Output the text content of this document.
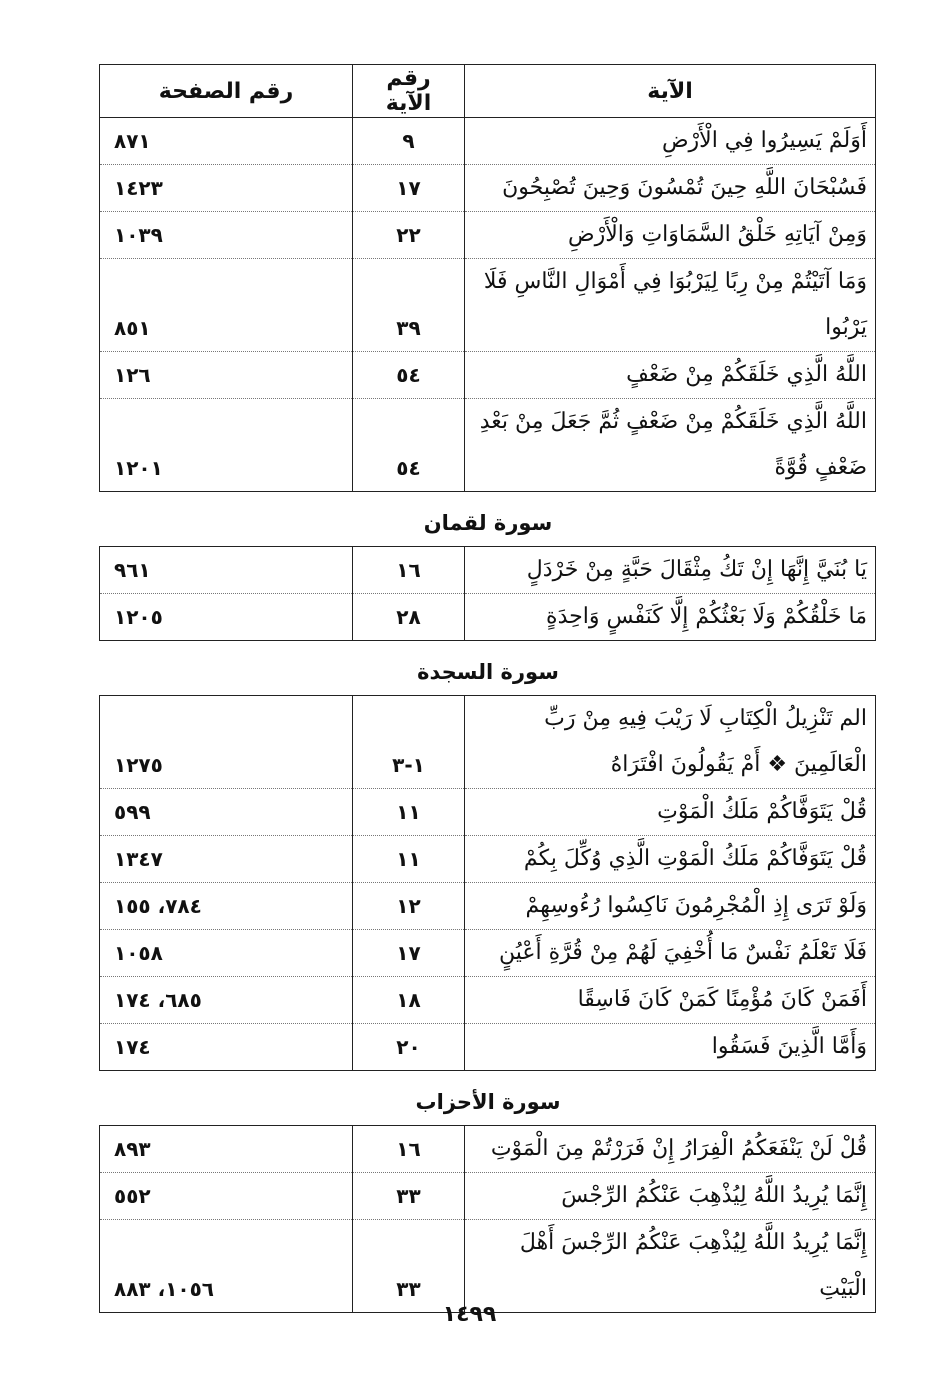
الآية	رقم الآية	رقم الصفحة
أَوَلَمْ يَسِيرُوا فِي الْأَرْضِ	٩	٨٧١
فَسُبْحَانَ اللَّهِ حِينَ تُمْسُونَ وَحِينَ تُصْبِحُونَ	١٧	١٤٢٣
وَمِنْ آيَاتِهِ خَلْقُ السَّمَاوَاتِ وَالْأَرْضِ	٢٢	١٠٣٩
وَمَا آتَيْتُمْ مِنْ رِبًا لِيَرْبُوَا فِي أَمْوَالِ النَّاسِ فَلَا يَرْبُوا	٣٩	٨٥١
اللَّهُ الَّذِي خَلَقَكُمْ مِنْ ضَعْفٍ	٥٤	١٢٦
اللَّهُ الَّذِي خَلَقَكُمْ مِنْ ضَعْفٍ ثُمَّ جَعَلَ مِنْ بَعْدِ ضَعْفٍ قُوَّةً	٥٤	١٢٠١
سورة لقمان
يَا بُنَيَّ إِنَّهَا إِنْ تَكُ مِثْقَالَ حَبَّةٍ مِنْ خَرْدَلٍ	١٦	٩٦١
مَا خَلْقُكُمْ وَلَا بَعْثُكُمْ إِلَّا كَنَفْسٍ وَاحِدَةٍ	٢٨	١٢٠٥
سورة السجدة
الم تَنْزِيلُ الْكِتَابِ لَا رَيْبَ فِيهِ مِنْ رَبِّ الْعَالَمِينَ ❖ أَمْ يَقُولُونَ افْتَرَاهُ	١-٣	١٢٧٥
قُلْ يَتَوَفَّاكُمْ مَلَكُ الْمَوْتِ	١١	٥٩٩
قُلْ يَتَوَفَّاكُمْ مَلَكُ الْمَوْتِ الَّذِي وُكِّلَ بِكُمْ	١١	١٣٤٧
وَلَوْ تَرَى إِذِ الْمُجْرِمُونَ نَاكِسُوا رُءُوسِهِمْ	١٢	٧٨٤، ١٥٥
فَلَا تَعْلَمُ نَفْسٌ مَا أُخْفِيَ لَهُمْ مِنْ قُرَّةِ أَعْيُنٍ	١٧	١٠٥٨
أَفَمَنْ كَانَ مُؤْمِنًا كَمَنْ كَانَ فَاسِقًا	١٨	٦٨٥، ١٧٤
وَأَمَّا الَّذِينَ فَسَقُوا	٢٠	١٧٤
سورة الأحزاب
قُلْ لَنْ يَنْفَعَكُمُ الْفِرَارُ إِنْ فَرَرْتُمْ مِنَ الْمَوْتِ	١٦	٨٩٣
إِنَّمَا يُرِيدُ اللَّهُ لِيُذْهِبَ عَنْكُمُ الرِّجْسَ	٣٣	٥٥٢
إِنَّمَا يُرِيدُ اللَّهُ لِيُذْهِبَ عَنْكُمُ الرِّجْسَ أَهْلَ الْبَيْتِ	٣٣	١٠٥٦، ٨٨٣
١٤٩٩
